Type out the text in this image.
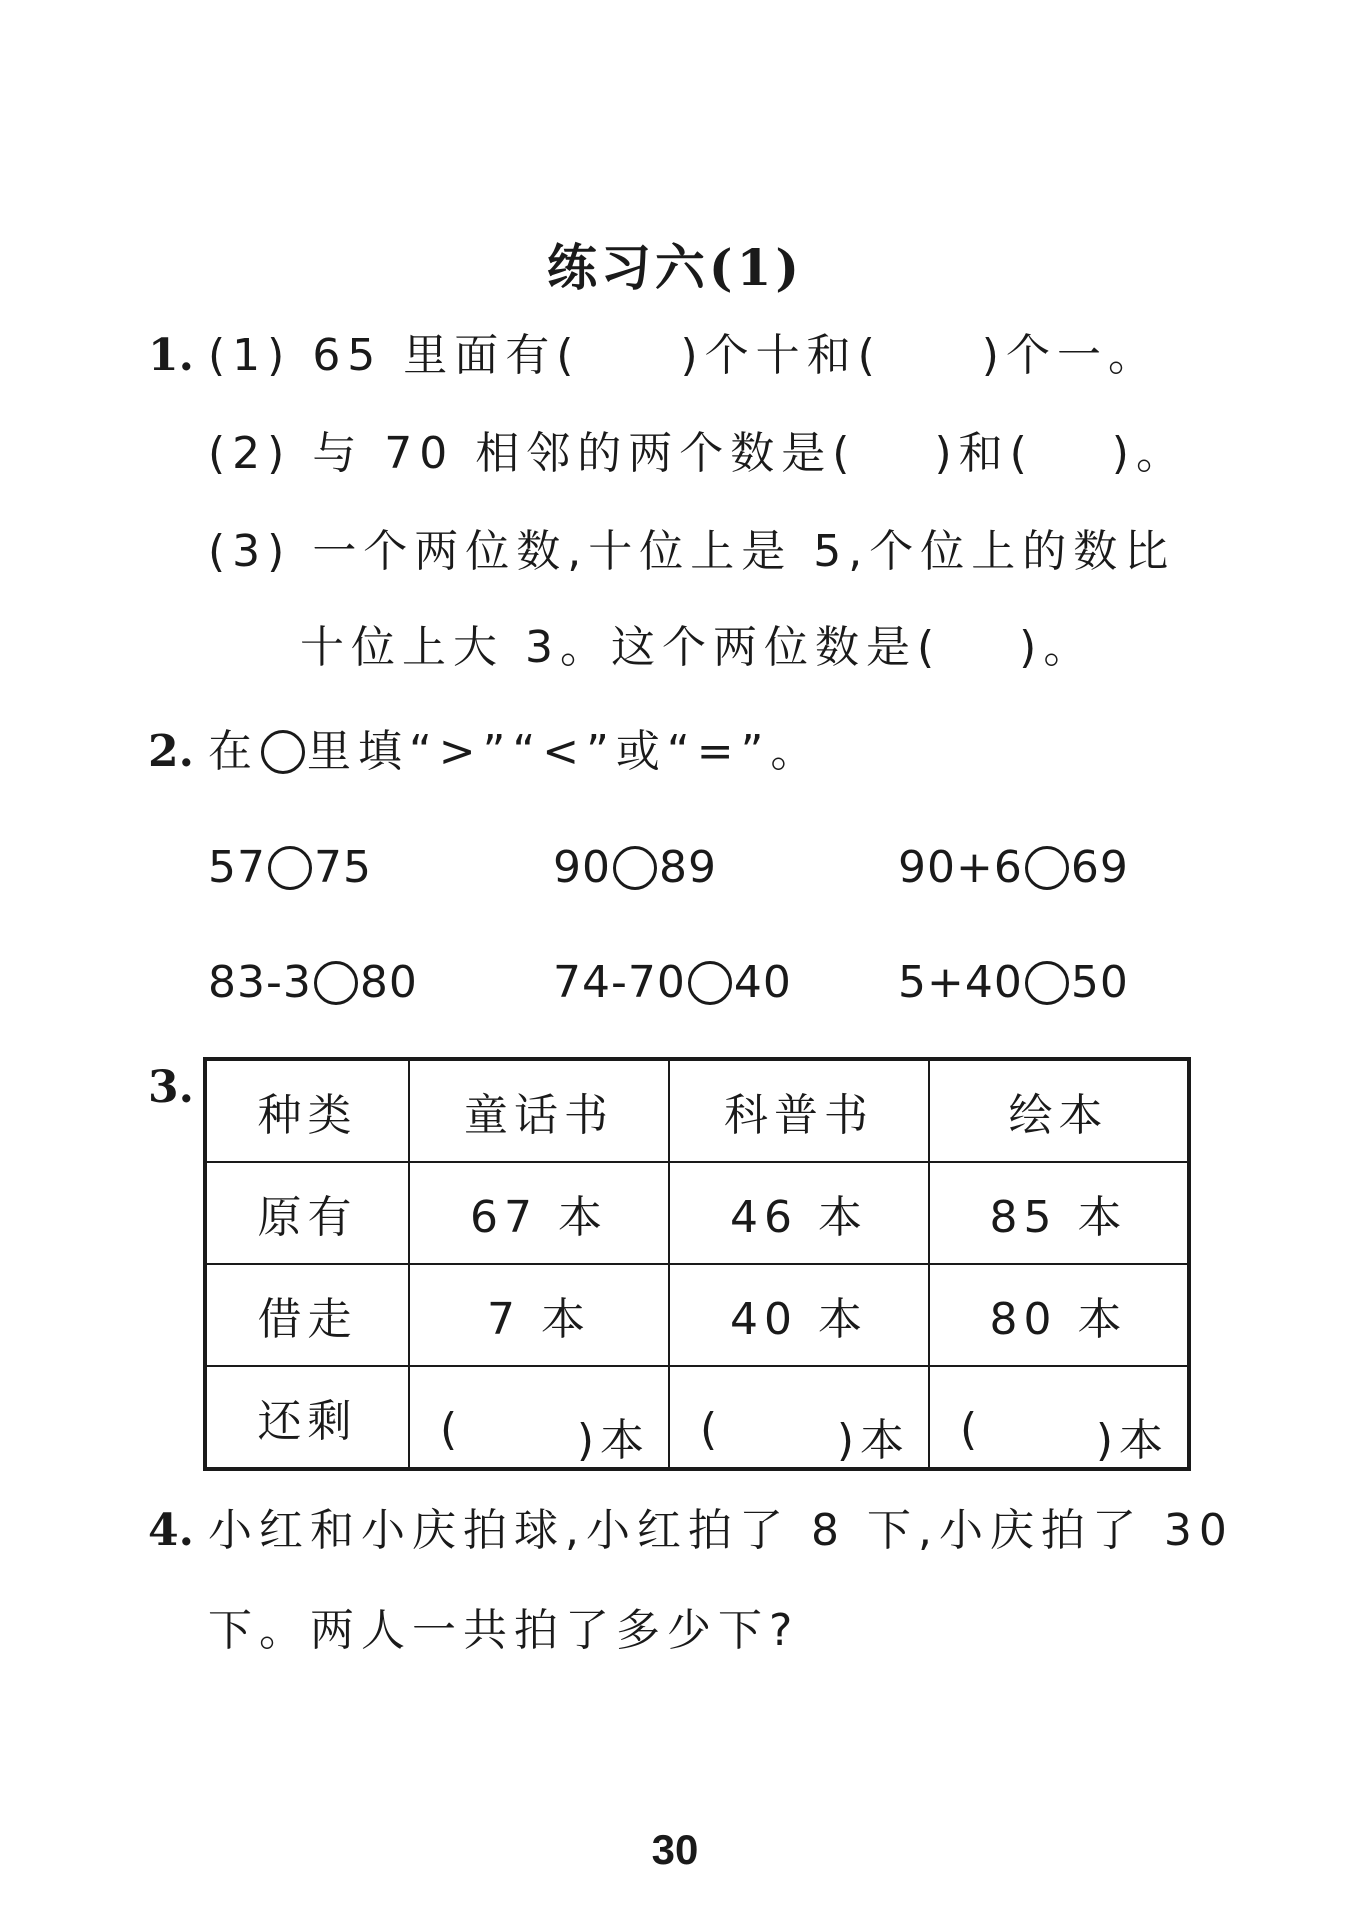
练习六(1)
1. (1) 65 里面有( )个十和( )个一。
(2) 与 70 相邻的两个数是( )和( )。
(3) 一个两位数,十位上是 5,个位上的数比
十位上大 3。这个两位数是( )。
2. 在 里填“>”“<”或“=”。
57 75	90 89	90+6 69
83-3 80	74-70 40 5+40 50
3.
种类	童话书	科普书	绘本
原有	67 本	46 本	85 本
借走	7 本	40 本	80 本
还剩	( )本	( )本	( )本
4. 小红和小庆拍球,小红拍了 8 下,小庆拍了 30
下。两人一共拍了多少下?
30
